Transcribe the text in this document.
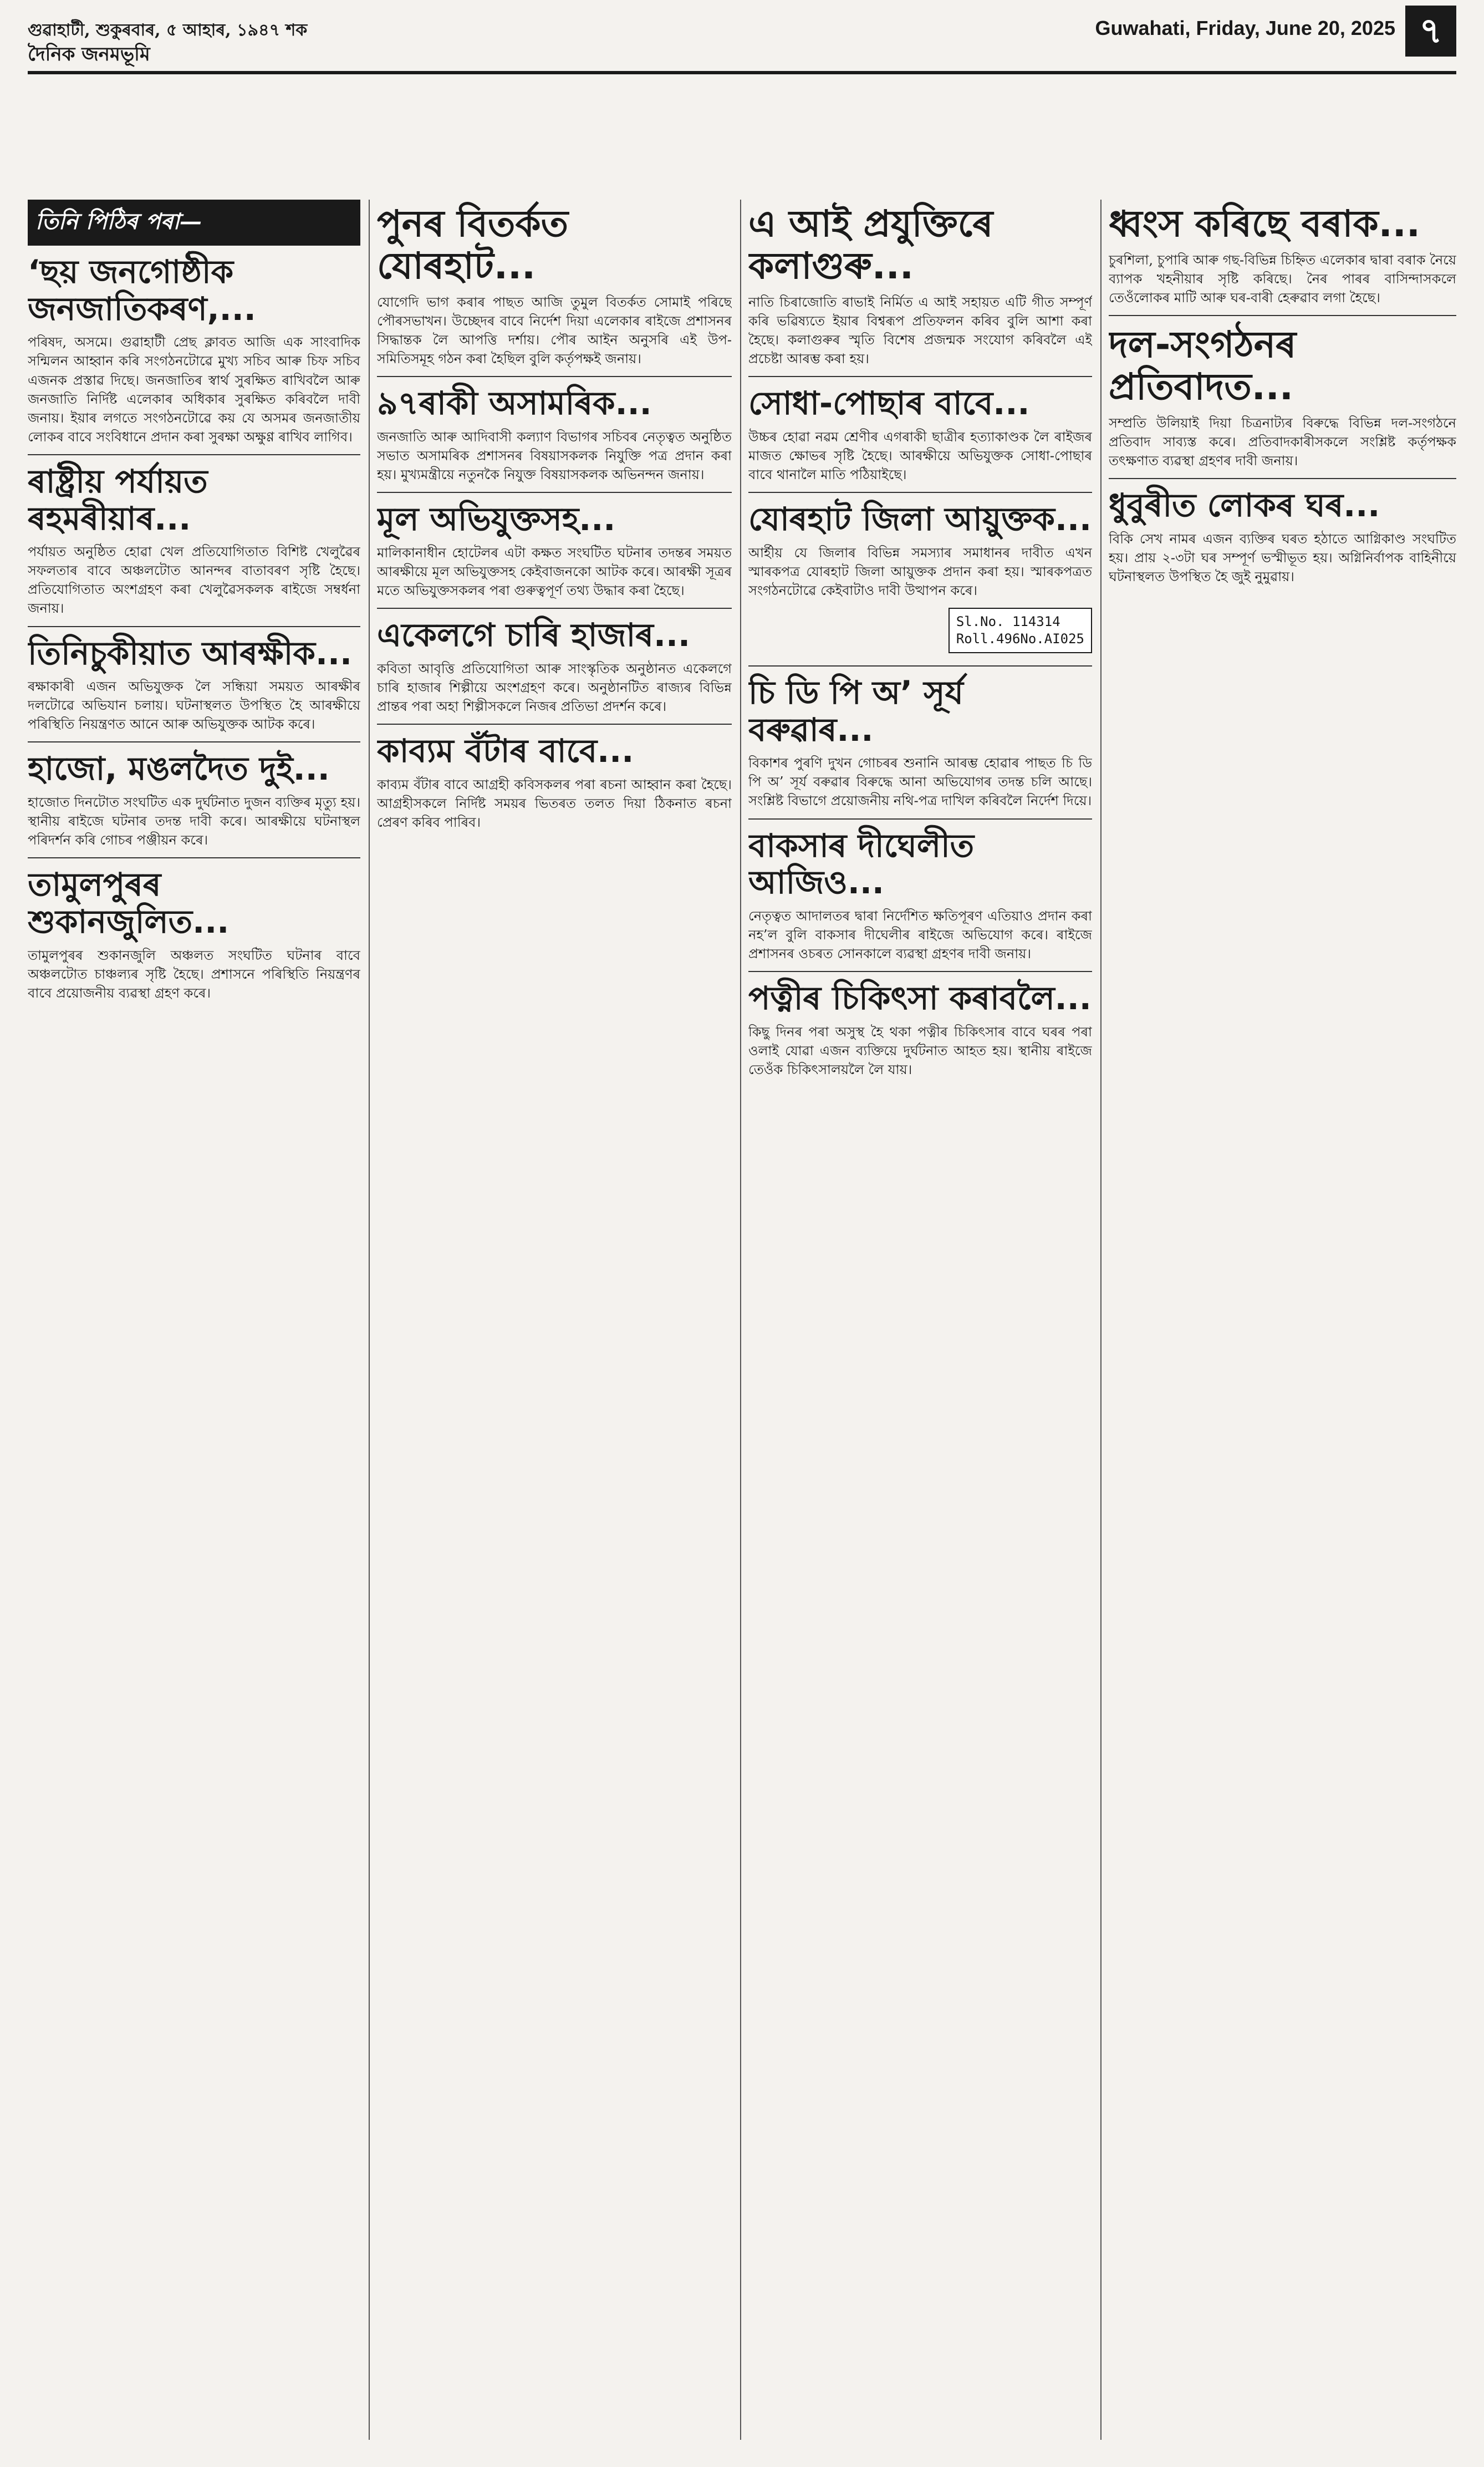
গুৱাহাটী, শুকুৰবাৰ, ৫ আহাৰ, ১৯৪৭ শক
দৈনিক জনমভূমি
Guwahati, Friday, June 20, 2025 ৭
তিনি পিঠিৰ পৰা—
‘ছয় জনগোষ্ঠীক জনজাতিকৰণ,...

পৰিষদ, অসমে। গুৱাহাটী প্ৰেছ ক্লাবত আজি এক সাংবাদিক সন্মিলন আহ্বান কৰি সংগঠনটোৱে মুখ্য সচিব আৰু চিফ সচিব এজনক প্ৰস্তাৱ দিছে। জনজাতিৰ স্বাৰ্থ সুৰক্ষিত ৰাখিবলৈ আৰু জনজাতি নিৰ্দিষ্ট এলেকাৰ অধিকাৰ সুৰক্ষিত কৰিবলৈ দাবী জনায়। ইয়াৰ লগতে সংগঠনটোৱে কয় যে অসমৰ জনজাতীয় লোকৰ বাবে সংবিধানে প্ৰদান কৰা সুৰক্ষা অক্ষুণ্ণ ৰাখিব লাগিব।

ৰাষ্ট্ৰীয় পৰ্যায়ত ৰহমৰীয়াৰ...

পৰ্যায়ত অনুষ্ঠিত হোৱা খেল প্ৰতিযোগিতাত বিশিষ্ট খেলুৱৈৰ সফলতাৰ বাবে অঞ্চলটোত আনন্দৰ বাতাবৰণ সৃষ্টি হৈছে। প্ৰতিযোগিতাত অংশগ্ৰহণ কৰা খেলুৱৈসকলক ৰাইজে সম্বৰ্ধনা জনায়।

তিনিচুকীয়াত আৰক্ষীক...

ৰক্ষাকাৰী এজন অভিযুক্তক লৈ সন্ধিয়া সময়ত আৰক্ষীৰ দলটোৱে অভিযান চলায়। ঘটনাস্থলত উপস্থিত হৈ আৰক্ষীয়ে পৰিস্থিতি নিয়ন্ত্ৰণত আনে আৰু অভিযুক্তক আটক কৰে।

হাজো, মঙলদৈত দুই...

হাজোত দিনটোত সংঘটিত এক দুৰ্ঘটনাত দুজন ব্যক্তিৰ মৃত্যু হয়। স্থানীয় ৰাইজে ঘটনাৰ তদন্ত দাবী কৰে। আৰক্ষীয়ে ঘটনাস্থল পৰিদৰ্শন কৰি গোচৰ পঞ্জীয়ন কৰে।

তামুলপুৰৰ শুকানজুলিত...

তামুলপুৰৰ শুকানজুলি অঞ্চলত সংঘটিত ঘটনাৰ বাবে অঞ্চলটোত চাঞ্চল্যৰ সৃষ্টি হৈছে। প্ৰশাসনে পৰিস্থিতি নিয়ন্ত্ৰণৰ বাবে প্ৰয়োজনীয় ব্যৱস্থা গ্ৰহণ কৰে।

পুনৰ বিতৰ্কত যোৰহাট...

যোগেদি ভাগ কৰাৰ পাছত আজি তুমুল বিতৰ্কত সোমাই পৰিছে পৌৰসভাখন। উচ্ছেদৰ বাবে নিৰ্দেশ দিয়া এলেকাৰ ৰাইজে প্ৰশাসনৰ সিদ্ধান্তক লৈ আপত্তি দৰ্শায়। পৌৰ আইন অনুসৰি এই উপ-সমিতিসমূহ গঠন কৰা হৈছিল বুলি কৰ্তৃপক্ষই জনায়।

৯৭ৰাকী অসামৰিক...

জনজাতি আৰু আদিবাসী কল্যাণ বিভাগৰ সচিবৰ নেতৃত্বত অনুষ্ঠিত সভাত অসামৰিক প্ৰশাসনৰ বিষয়াসকলক নিযুক্তি পত্ৰ প্ৰদান কৰা হয়। মুখ্যমন্ত্ৰীয়ে নতুনকৈ নিযুক্ত বিষয়াসকলক অভিনন্দন জনায়।

মূল অভিযুক্তসহ...

মালিকানাধীন হোটেলৰ এটা কক্ষত সংঘটিত ঘটনাৰ তদন্তৰ সময়ত আৰক্ষীয়ে মূল অভিযুক্তসহ কেইবাজনকো আটক কৰে। আৰক্ষী সূত্ৰৰ মতে অভিযুক্তসকলৰ পৰা গুৰুত্বপূৰ্ণ তথ্য উদ্ধাৰ কৰা হৈছে।

একেলগে চাৰি হাজাৰ...

কবিতা আবৃত্তি প্ৰতিযোগিতা আৰু সাংস্কৃতিক অনুষ্ঠানত একেলগে চাৰি হাজাৰ শিল্পীয়ে অংশগ্ৰহণ কৰে। অনুষ্ঠানটিত ৰাজ্যৰ বিভিন্ন প্ৰান্তৰ পৰা অহা শিল্পীসকলে নিজৰ প্ৰতিভা প্ৰদৰ্শন কৰে।

কাব্যম বঁটাৰ বাবে...

কাব্যম বঁটাৰ বাবে আগ্ৰহী কবিসকলৰ পৰা ৰচনা আহ্বান কৰা হৈছে। আগ্ৰহীসকলে নিৰ্দিষ্ট সময়ৰ ভিতৰত তলত দিয়া ঠিকনাত ৰচনা প্ৰেৰণ কৰিব পাৰিব।

এ আই প্ৰযুক্তিৰে কলাগুৰু...

নাতি চিৰাজোতি ৰাভাই নিৰ্মিত এ আই সহায়ত এটি গীত সম্পূৰ্ণ কৰি ভৱিষ্যতে ইয়াৰ বিশ্বৰূপ প্ৰতিফলন কৰিব বুলি আশা কৰা হৈছে। কলাগুৰুৰ স্মৃতি বিশেষ প্ৰজন্মক সংযোগ কৰিবলৈ এই প্ৰচেষ্টা আৰম্ভ কৰা হয়।

সোধা-পোছাৰ বাবে...

উচ্চৰ হোৱা নৱম শ্ৰেণীৰ এগৰাকী ছাত্ৰীৰ হত্যাকাণ্ডক লৈ ৰাইজৰ মাজত ক্ষোভৰ সৃষ্টি হৈছে। আৰক্ষীয়ে অভিযুক্তক সোধা-পোছাৰ বাবে থানালৈ মাতি পঠিয়াইছে।

যোৰহাট জিলা আয়ুক্তক...

আৰ্হীয় যে জিলাৰ বিভিন্ন সমস্যাৰ সমাধানৰ দাবীত এখন স্মাৰকপত্ৰ যোৰহাট জিলা আয়ুক্তক প্ৰদান কৰা হয়। স্মাৰকপত্ৰত সংগঠনটোৱে কেইবাটাও দাবী উত্থাপন কৰে।

Sl.No. 114314
Roll.496No.AI025
চি ডি পি অ’ সূৰ্য বৰুৱাৰ...

বিকাশৰ পুৰণি দুখন গোচৰৰ শুনানি আৰম্ভ হোৱাৰ পাছত চি ডি পি অ’ সূৰ্য বৰুৱাৰ বিৰুদ্ধে আনা অভিযোগৰ তদন্ত চলি আছে। সংশ্লিষ্ট বিভাগে প্ৰয়োজনীয় নথি-পত্ৰ দাখিল কৰিবলৈ নিৰ্দেশ দিয়ে।

বাকসাৰ দীঘেলীত আজিও...

নেতৃত্বত আদালতৰ দ্বাৰা নিৰ্দেশিত ক্ষতিপূৰণ এতিয়াও প্ৰদান কৰা নহ’ল বুলি বাকসাৰ দীঘেলীৰ ৰাইজে অভিযোগ কৰে। ৰাইজে প্ৰশাসনৰ ওচৰত সোনকালে ব্যৱস্থা গ্ৰহণৰ দাবী জনায়।

পত্নীৰ চিকিৎসা কৰাবলৈ...

কিছু দিনৰ পৰা অসুস্থ হৈ থকা পত্নীৰ চিকিৎসাৰ বাবে ঘৰৰ পৰা ওলাই যোৱা এজন ব্যক্তিয়ে দুৰ্ঘটনাত আহত হয়। স্থানীয় ৰাইজে তেওঁক চিকিৎসালয়লৈ লৈ যায়।

ধ্বংস কৰিছে বৰাক...

চুৰশিলা, চুপাৰি আৰু গছ-বিভিন্ন চিহ্নিত এলেকাৰ দ্বাৰা বৰাক নৈয়ে ব্যাপক খহনীয়াৰ সৃষ্টি কৰিছে। নৈৰ পাৰৰ বাসিন্দাসকলে তেওঁলোকৰ মাটি আৰু ঘৰ-বাৰী হেৰুৱাব লগা হৈছে।

দল-সংগঠনৰ প্ৰতিবাদত...

সম্প্ৰতি উলিয়াই দিয়া চিত্ৰনাট্যৰ বিৰুদ্ধে বিভিন্ন দল-সংগঠনে প্ৰতিবাদ সাব্যস্ত কৰে। প্ৰতিবাদকাৰীসকলে সংশ্লিষ্ট কৰ্তৃপক্ষক তৎক্ষণাত ব্যৱস্থা গ্ৰহণৰ দাবী জনায়।

ধুবুৰীত লোকৰ ঘৰ...

বিকি সেখ নামৰ এজন ব্যক্তিৰ ঘৰত হঠাতে আগ্নিকাণ্ড সংঘটিত হয়। প্ৰায় ২-৩টা ঘৰ সম্পূৰ্ণ ভস্মীভূত হয়। অগ্নিনিৰ্বাপক বাহিনীয়ে ঘটনাস্থলত উপস্থিত হৈ জুই নুমুৱায়।
